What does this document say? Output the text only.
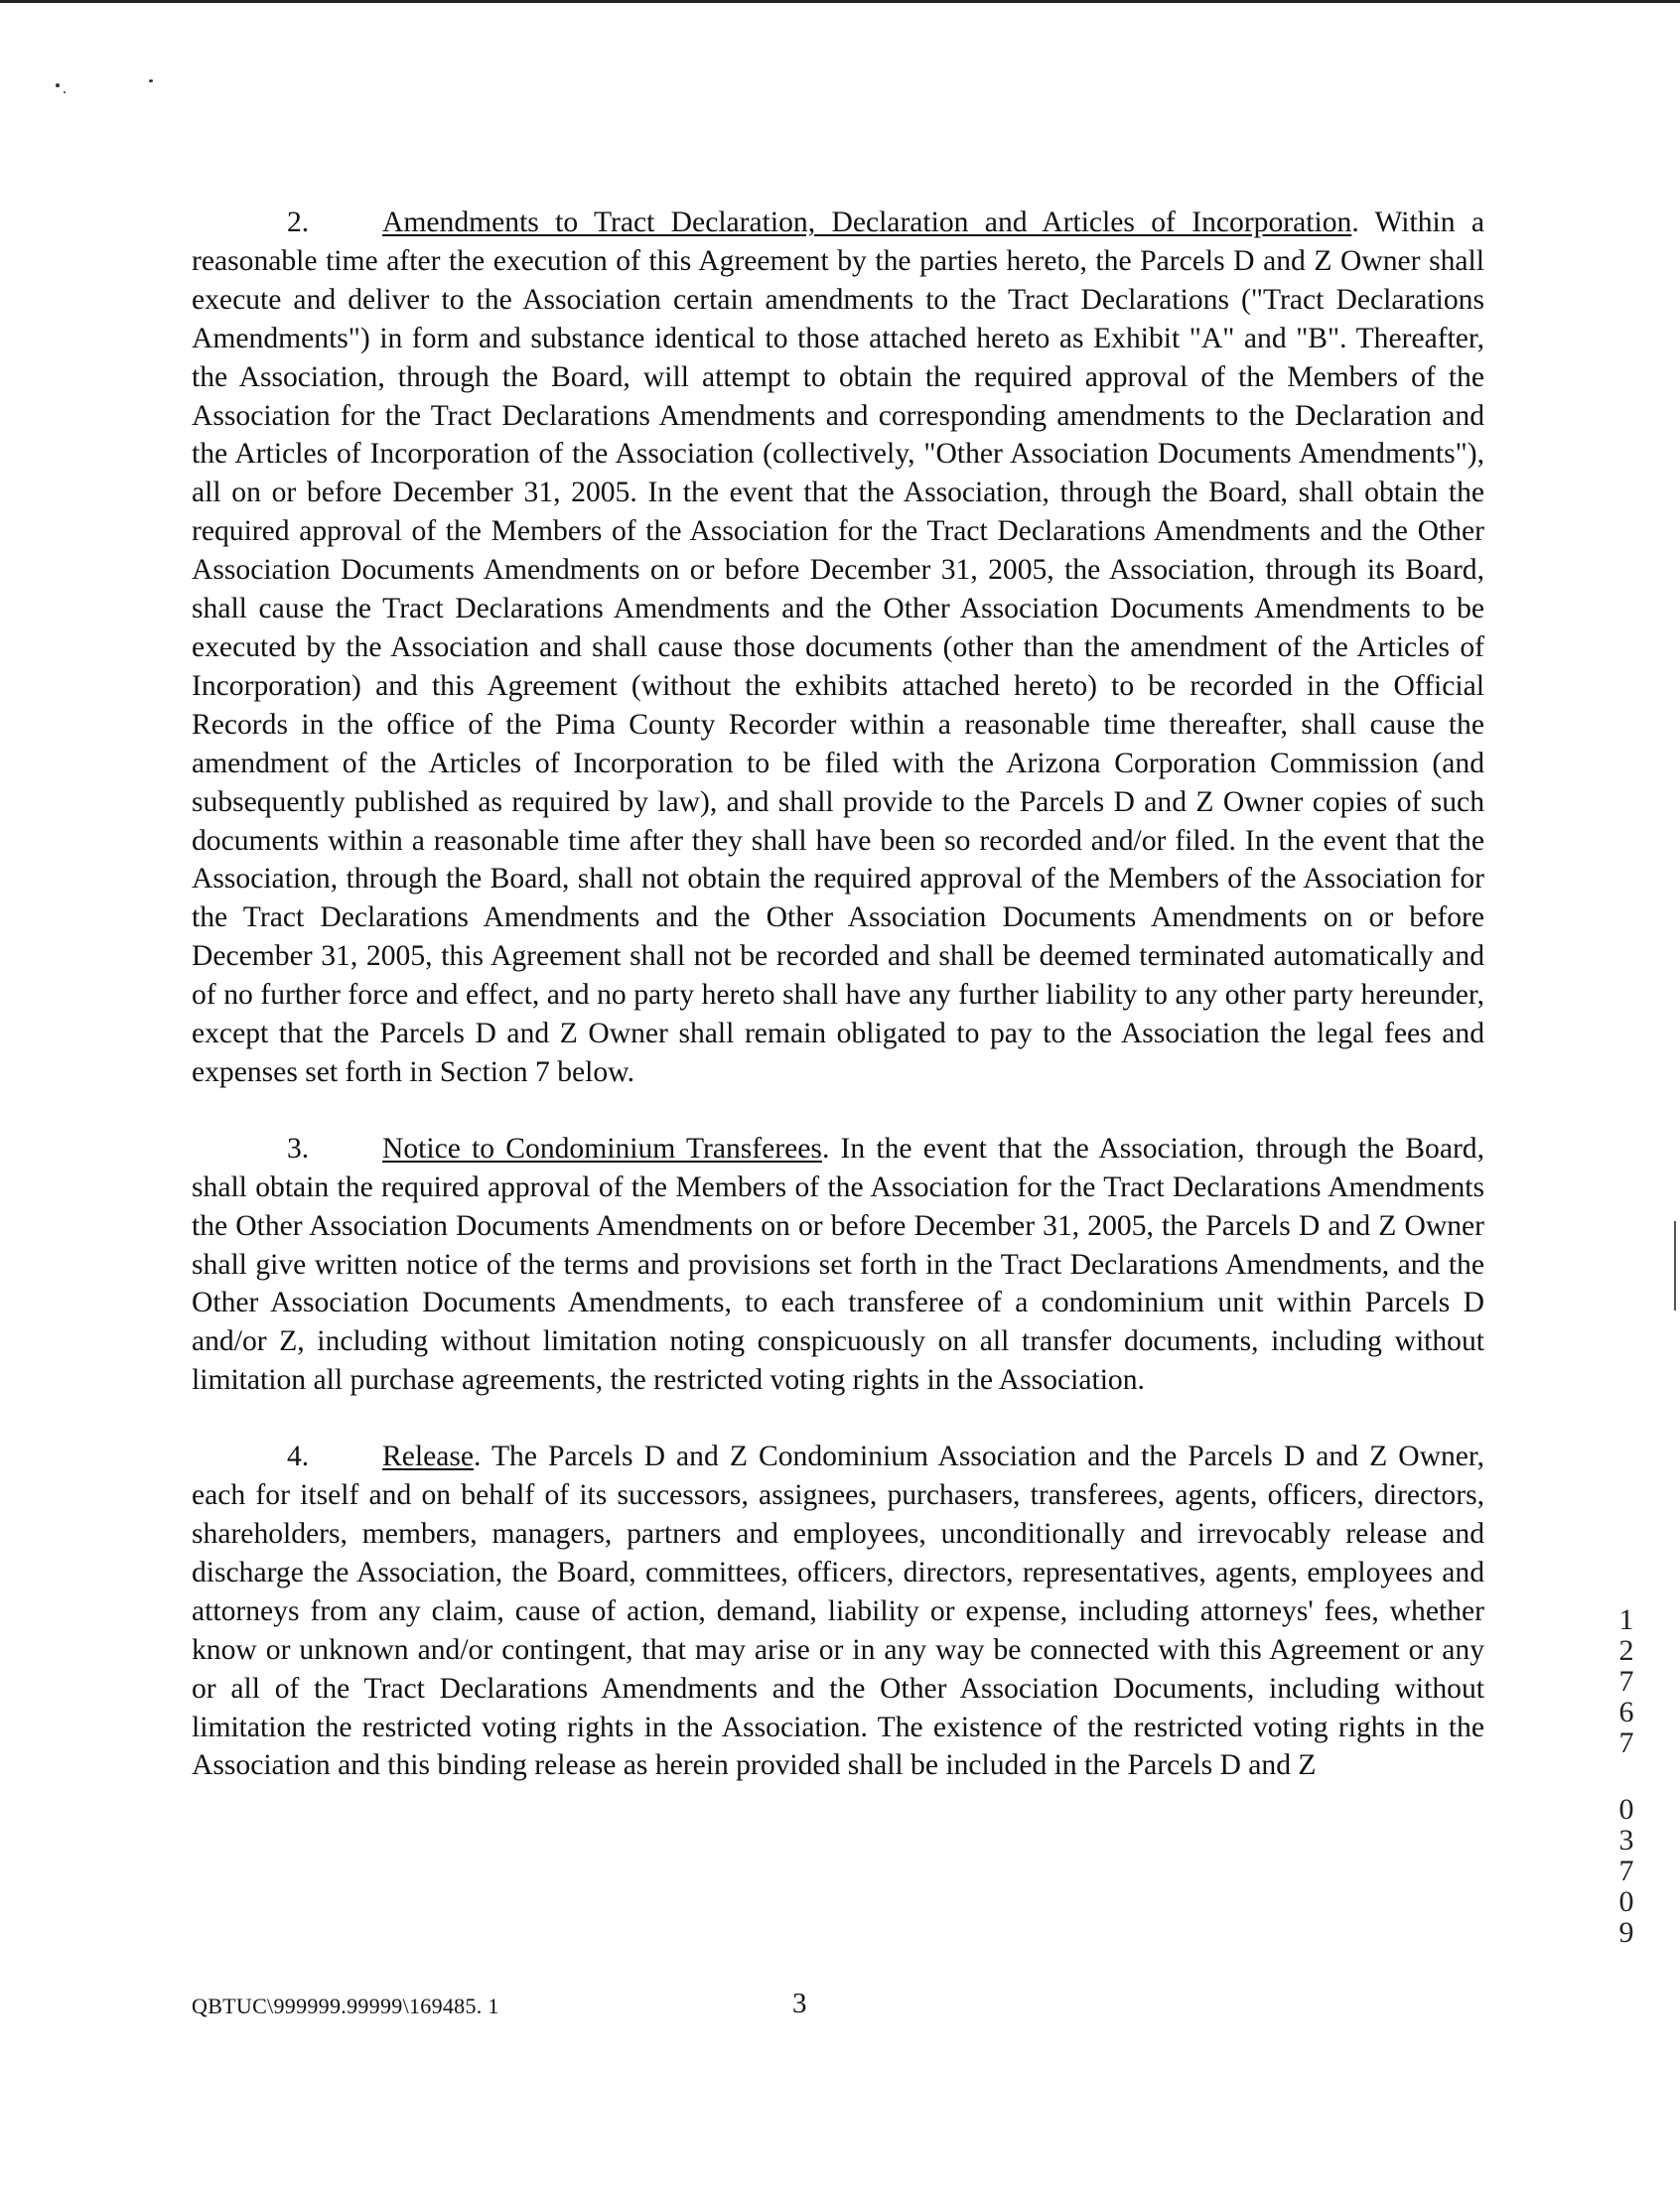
2. Amendments to Tract Declaration, Declaration and Articles of Incorporation. Within a reasonable time after the execution of this Agreement by the parties hereto, the Parcels D and Z Owner shall execute and deliver to the Association certain amendments to the Tract Declarations ("Tract Declarations Amendments") in form and substance identical to those attached hereto as Exhibit "A" and "B". Thereafter, the Association, through the Board, will attempt to obtain the required approval of the Members of the Association for the Tract Declarations Amendments and corresponding amendments to the Declaration and the Articles of Incorporation of the Association (collectively, "Other Association Documents Amendments"), all on or before December 31, 2005. In the event that the Association, through the Board, shall obtain the required approval of the Members of the Association for the Tract Declarations Amendments and the Other Association Documents Amendments on or before December 31, 2005, the Association, through its Board, shall cause the Tract Declarations Amendments and the Other Association Documents Amendments to be executed by the Association and shall cause those documents (other than the amendment of the Articles of Incorporation) and this Agreement (without the exhibits attached hereto) to be recorded in the Official Records in the office of the Pima County Recorder within a reasonable time thereafter, shall cause the amendment of the Articles of Incorporation to be filed with the Arizona Corporation Commission (and subsequently published as required by law), and shall provide to the Parcels D and Z Owner copies of such documents within a reasonable time after they shall have been so recorded and/or filed. In the event that the Association, through the Board, shall not obtain the required approval of the Members of the Association for the Tract Declarations Amendments and the Other Association Documents Amendments on or before December 31, 2005, this Agreement shall not be recorded and shall be deemed terminated automatically and of no further force and effect, and no party hereto shall have any further liability to any other party hereunder, except that the Parcels D and Z Owner shall remain obligated to pay to the Association the legal fees and expenses set forth in Section 7 below.

3. Notice to Condominium Transferees. In the event that the Association, through the Board, shall obtain the required approval of the Members of the Association for the Tract Declarations Amendments the Other Association Documents Amendments on or before December 31, 2005, the Parcels D and Z Owner shall give written notice of the terms and provisions set forth in the Tract Declarations Amendments, and the Other Association Documents Amendments, to each transferee of a condominium unit within Parcels D and/or Z, including without limitation noting conspicuously on all transfer documents, including without limitation all purchase agreements, the restricted voting rights in the Association.

4. Release. The Parcels D and Z Condominium Association and the Parcels D and Z Owner, each for itself and on behalf of its successors, assignees, purchasers, transferees, agents, officers, directors, shareholders, members, managers, partners and employees, unconditionally and irrevocably release and discharge the Association, the Board, committees, officers, directors, representatives, agents, employees and attorneys from any claim, cause of action, demand, liability or expense, including attorneys' fees, whether know or unknown and/or contingent, that may arise or in any way be connected with this Agreement or any or all of the Tract Declarations Amendments and the Other Association Documents, including without limitation the restricted voting rights in the Association. The existence of the restricted voting rights in the Association and this binding release as herein provided shall be included in the Parcels D and Z

QBTUC\999999.99999\169485. 1	3
1
2
7
6
7
0
3
7
0
9
